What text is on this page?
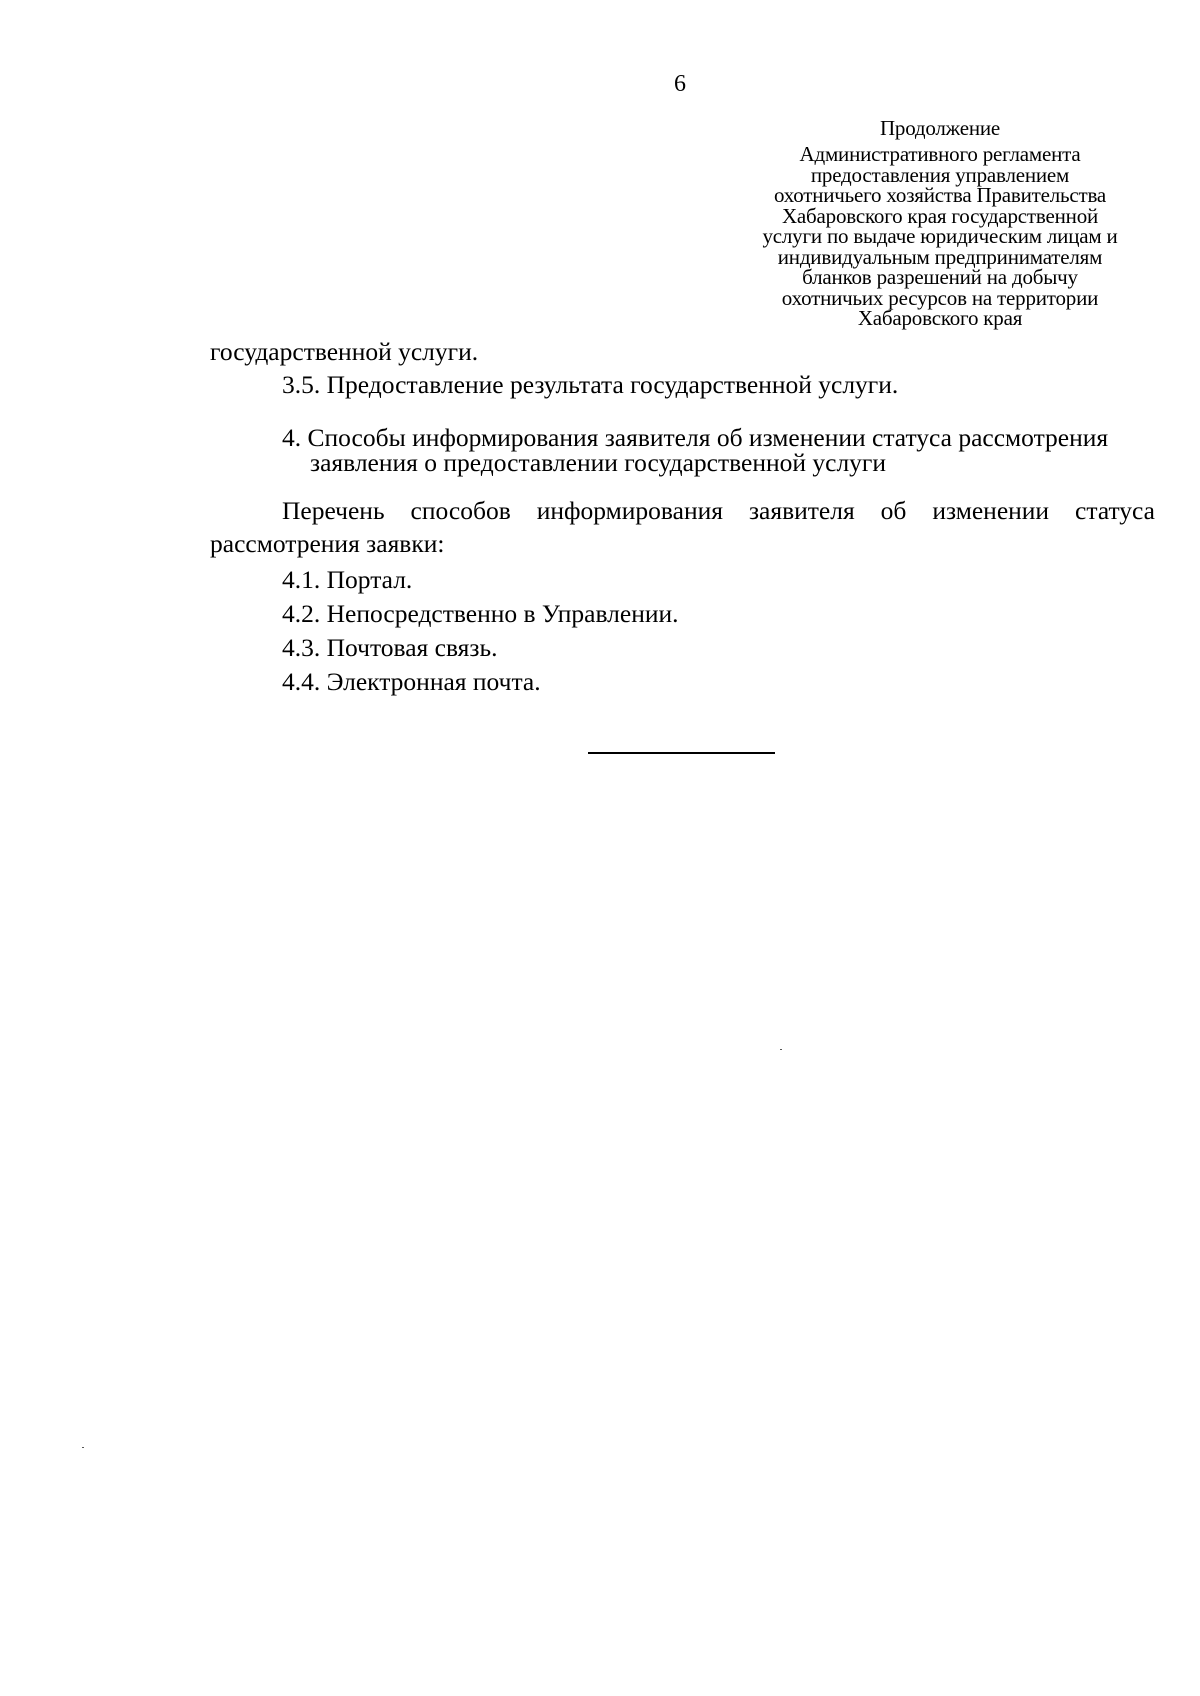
6
Продолжение
Административного регламента
предоставления управлением
охотничьего хозяйства Правительства
Хабаровского края государственной
услуги по выдаче юридическим лицам и
индивидуальным предпринимателям
бланков разрешений на добычу
охотничьих ресурсов на территории
Хабаровского края
государственной услуги.
3.5. Предоставление результата государственной услуги.
4. Способы информирования заявителя об изменении статуса рассмотрения
заявления о предоставлении государственной услуги
Перечень способов информирования заявителя об изменении статуса
рассмотрения заявки:
4.1. Портал.
4.2. Непосредственно в Управлении.
4.3. Почтовая связь.
4.4. Электронная почта.
